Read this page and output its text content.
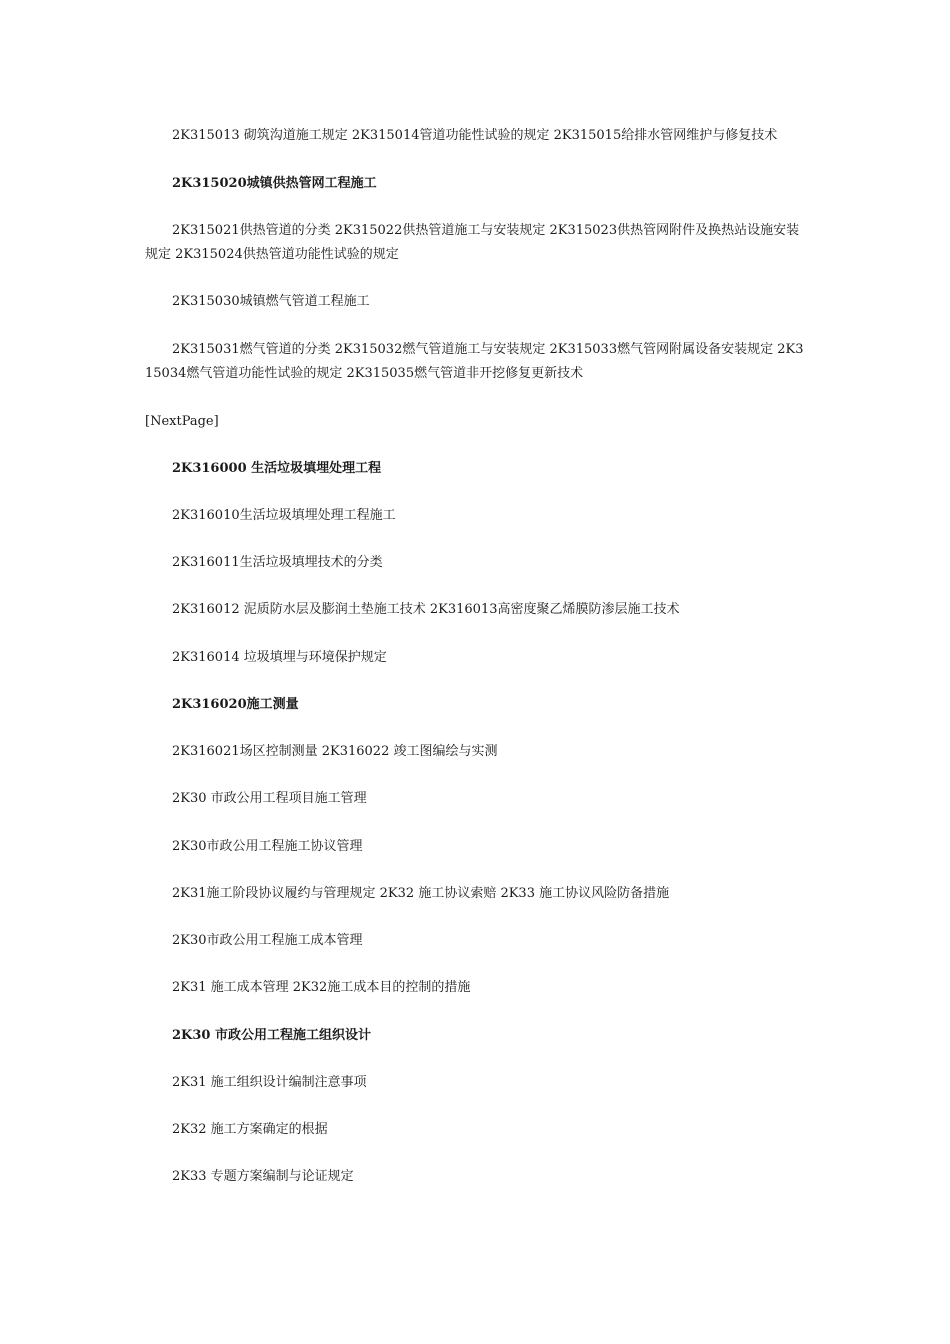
2K315013 砌筑沟道施工规定 2K315014管道功能性试验的规定 2K315015给排水管网维护与修复技术
2K315020城镇供热管网工程施工
2K315021供热管道的分类 2K315022供热管道施工与安装规定 2K315023供热管网附件及换热站设施安装规定 2K315024供热管道功能性试验的规定
2K315030城镇燃气管道工程施工
2K315031燃气管道的分类 2K315032燃气管道施工与安装规定 2K315033燃气管网附属设备安装规定 2K315034燃气管道功能性试验的规定 2K315035燃气管道非开挖修复更新技术
[NextPage]
2K316000 生活垃圾填埋处理工程
2K316010生活垃圾填埋处理工程施工
2K316011生活垃圾填埋技术的分类
2K316012 泥质防水层及膨润土垫施工技术 2K316013高密度聚乙烯膜防渗层施工技术
2K316014 垃圾填埋与环境保护规定
2K316020施工测量
2K316021场区控制测量 2K316022 竣工图编绘与实测
2K30 市政公用工程项目施工管理
2K30市政公用工程施工协议管理
2K31施工阶段协议履约与管理规定 2K32 施工协议索赔 2K33 施工协议风险防备措施
2K30市政公用工程施工成本管理
2K31 施工成本管理 2K32施工成本目的控制的措施
2K30 市政公用工程施工组织设计
2K31 施工组织设计编制注意事项
2K32 施工方案确定的根据
2K33 专题方案编制与论证规定
